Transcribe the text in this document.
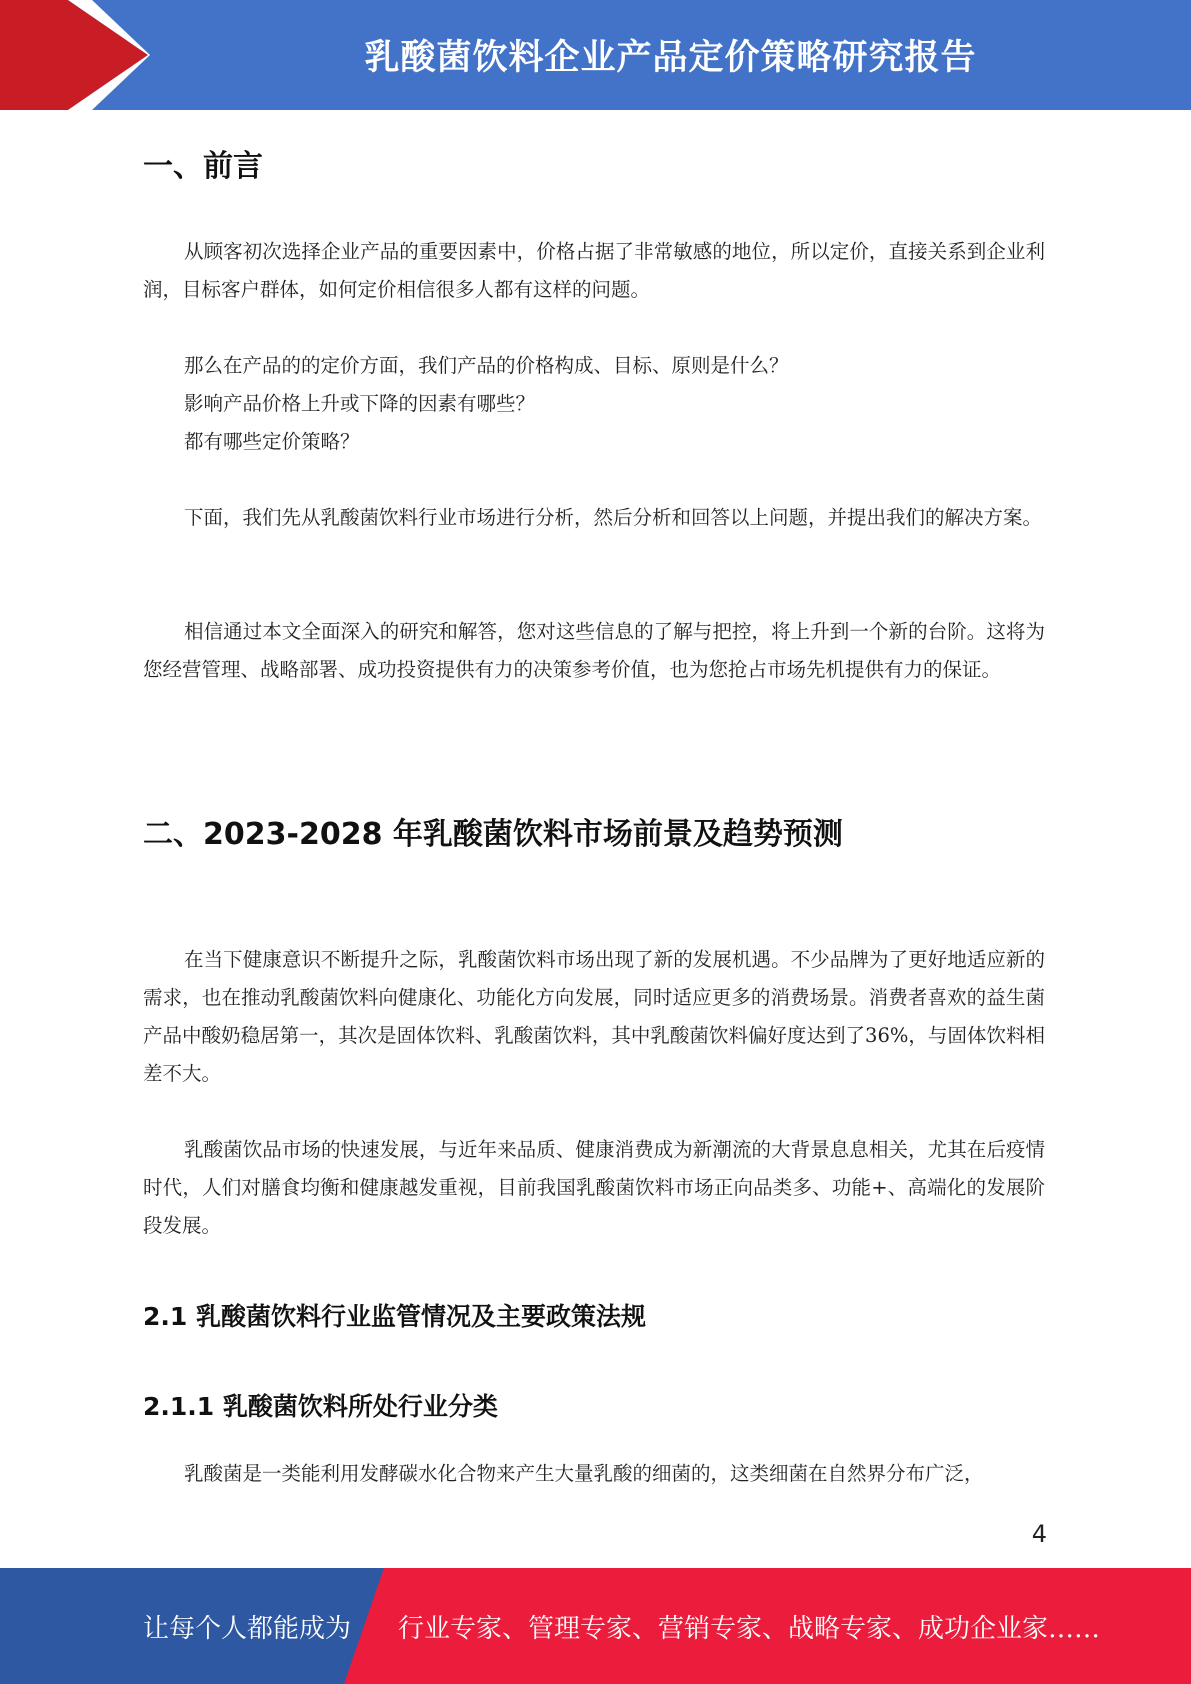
乳酸菌饮料企业产品定价策略研究报告
一、前言

从顾客初次选择企业产品的重要因素中，价格占据了非常敏感的地位，所以定价，直接关系到企业利润，目标客户群体，如何定价相信很多人都有这样的问题。

那么在产品的的定价方面，我们产品的价格构成、目标、原则是什么？

影响产品价格上升或下降的因素有哪些？

都有哪些定价策略？

下面，我们先从乳酸菌饮料行业市场进行分析，然后分析和回答以上问题，并提出我们的解决方案。

相信通过本文全面深入的研究和解答，您对这些信息的了解与把控，将上升到一个新的台阶。这将为您经营管理、战略部署、成功投资提供有力的决策参考价值，也为您抢占市场先机提供有力的保证。

二、2023-2028 年乳酸菌饮料市场前景及趋势预测

在当下健康意识不断提升之际，乳酸菌饮料市场出现了新的发展机遇。不少品牌为了更好地适应新的需求，也在推动乳酸菌饮料向健康化、功能化方向发展，同时适应更多的消费场景。消费者喜欢的益生菌产品中酸奶稳居第一，其次是固体饮料、乳酸菌饮料，其中乳酸菌饮料偏好度达到了36%，与固体饮料相差不大。

乳酸菌饮品市场的快速发展，与近年来品质、健康消费成为新潮流的大背景息息相关，尤其在后疫情时代，人们对膳食均衡和健康越发重视，目前我国乳酸菌饮料市场正向品类多、功能+、高端化的发展阶段发展。

2.1 乳酸菌饮料行业监管情况及主要政策法规
2.1.1 乳酸菌饮料所处行业分类

乳酸菌是一类能利用发酵碳水化合物来产生大量乳酸的细菌的，这类细菌在自然界分布广泛，

4
让每个人都能成为 行业专家、管理专家、营销专家、战略专家、成功企业家……
